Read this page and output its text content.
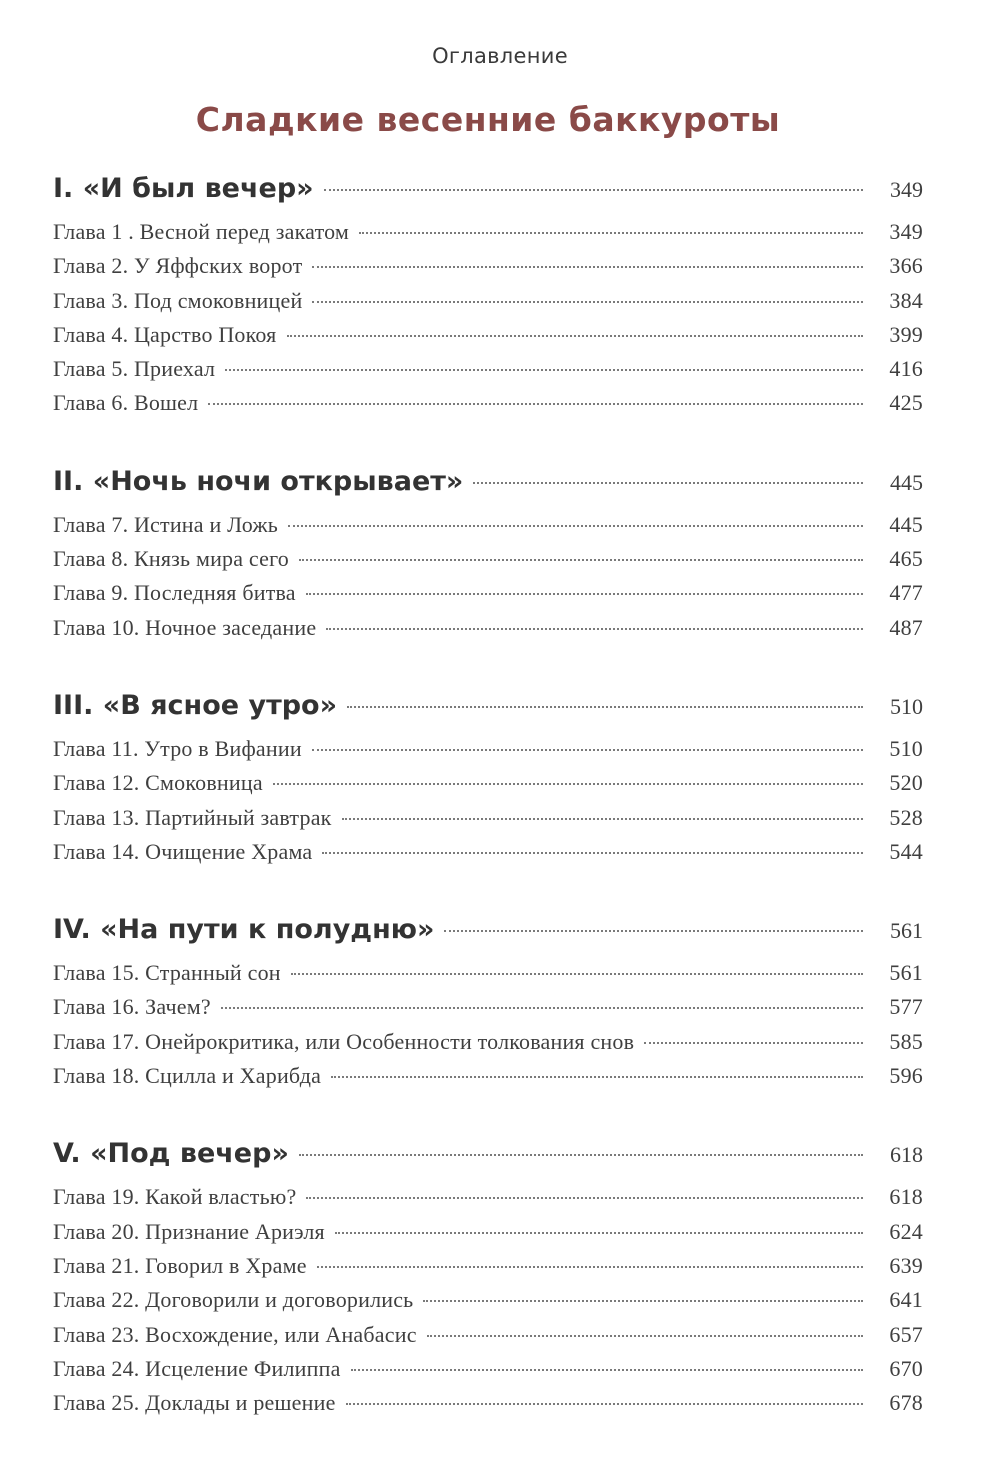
Оглавление
Сладкие весенние баккуроты
I. «И был вечер»	349
Глава 1 . Весной перед закатом	349
Глава 2. У Яффских ворот	366
Глава 3. Под смоковницей	384
Глава 4. Царство Покоя	399
Глава 5. Приехал	416
Глава 6. Вошел	425
II. «Ночь ночи открывает»	445
Глава 7. Истина и Ложь	445
Глава 8. Князь мира сего	465
Глава 9. Последняя битва	477
Глава 10. Ночное заседание	487
III. «В ясное утро»	510
Глава 11. Утро в Вифании	510
Глава 12. Смоковница	520
Глава 13. Партийный завтрак	528
Глава 14. Очищение Храма	544
IV. «На пути к полудню»	561
Глава 15. Странный сон	561
Глава 16. Зачем?	577
Глава 17. Онейрокритика, или Особенности толкования снов	585
Глава 18. Сцилла и Харибда	596
V. «Под вечер»	618
Глава 19. Какой властью?	618
Глава 20. Признание Ариэля	624
Глава 21. Говорил в Храме	639
Глава 22. Договорили и договорились	641
Глава 23. Восхождение, или Анабасис	657
Глава 24. Исцеление Филиппа	670
Глава 25. Доклады и решение	678
